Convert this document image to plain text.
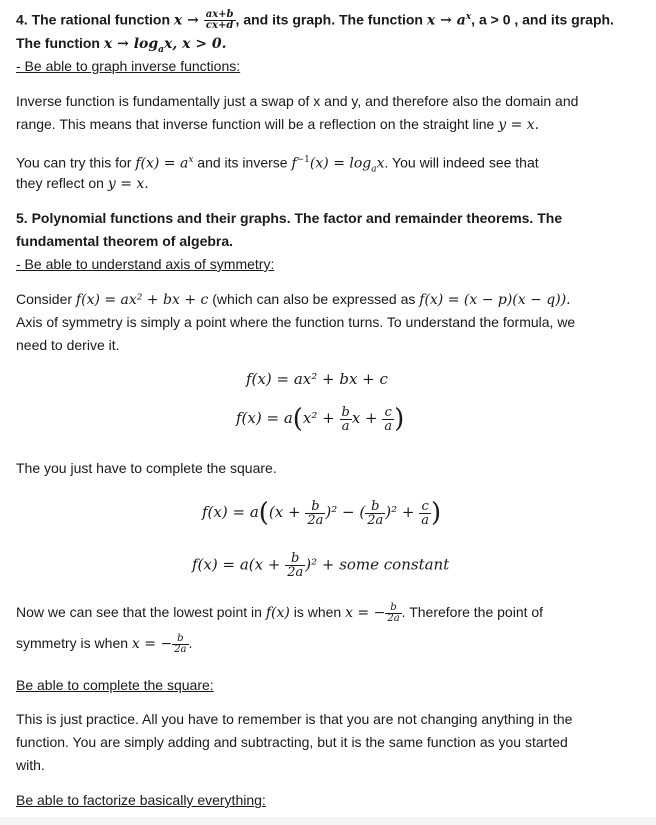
4. The rational function $x \to \frac{ax+b}{cx+d}$ , and its graph. The function $x \to a^x$, a > 0 , and its graph.
The function $x \to \log_ax$, x > 0.
- Be able to graph inverse functions:
Inverse function is fundamentally just a swap of x and y, and therefore also the domain and
range. This means that inverse function will be a reflection on the straight line y = x.
You can try this for $f(x) = a^x$ and its inverse $f^{-1}(x) = \log_ax$. You will indeed see that
they reflect on y = x.
5. Polynomial functions and their graphs. The factor and remainder theorems. The
fundamental theorem of algebra.
- Be able to understand axis of symmetry:
Consider f(x) = ax² + bx + c (which can also be expressed as f(x) = (x − p)(x − q)).
Axis of symmetry is simply a point where the function turns. To understand the formula, we
need to derive it.
f(x) = ax² + bx + c
$f(x) = a(x^2 + \frac{b}{a}$ $x + \frac{c}{a}$ )
The you just have to complete the square.
$f(x) = a((x + \frac{b}{2a} )^2$ − ( $\frac{b}{2a} )^2 + \frac{c}{a}$ )
$f(x) = a(x + \frac{b}{2a} )^2$ + some constant
Now we can see that the lowest point in f(x) is when x = − $\frac{b}{2a}$ . Therefore the point of
symmetry is when x = − $\frac{b}{2a}$ .
Be able to complete the square:
This is just practice. All you have to remember is that you are not changing anything in the
function. You are simply adding and subtracting, but it is the same function as you started
with.
Be able to factorize basically everything:
